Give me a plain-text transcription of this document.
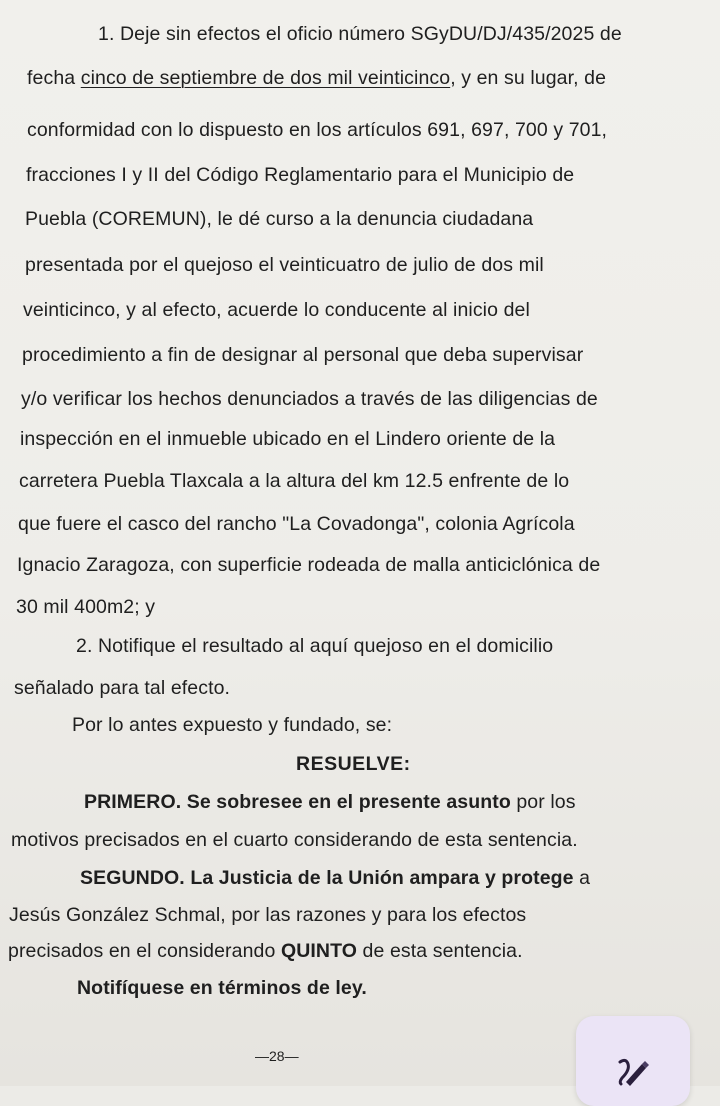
1. Deje sin efectos el oficio número SGyDU/DJ/435/2025 de
fecha cinco de septiembre de dos mil veinticinco, y en su lugar, de
conformidad con lo dispuesto en los artículos 691, 697, 700 y 701,
fracciones I y II del Código Reglamentario para el Municipio de
Puebla (COREMUN), le dé curso a la denuncia ciudadana
presentada por el quejoso el veinticuatro de julio de dos mil
veinticinco, y al efecto, acuerde lo conducente al inicio del
procedimiento a fin de designar al personal que deba supervisar
y/o verificar los hechos denunciados a través de las diligencias de
inspección en el inmueble ubicado en el Lindero oriente de la
carretera Puebla Tlaxcala a la altura del km 12.5 enfrente de lo
que fuere el casco del rancho "La Covadonga", colonia Agrícola
Ignacio Zaragoza, con superficie rodeada de malla anticiclónica de
30 mil 400m2; y
2. Notifique el resultado al aquí quejoso en el domicilio
señalado para tal efecto.
Por lo antes expuesto y fundado, se:
RESUELVE:
PRIMERO. Se sobresee en el presente asunto por los
motivos precisados en el cuarto considerando de esta sentencia.
SEGUNDO. La Justicia de la Unión ampara y protege a
Jesús González Schmal, por las razones y para los efectos
precisados en el considerando QUINTO de esta sentencia.
Notifíquese en términos de ley.
—28—
